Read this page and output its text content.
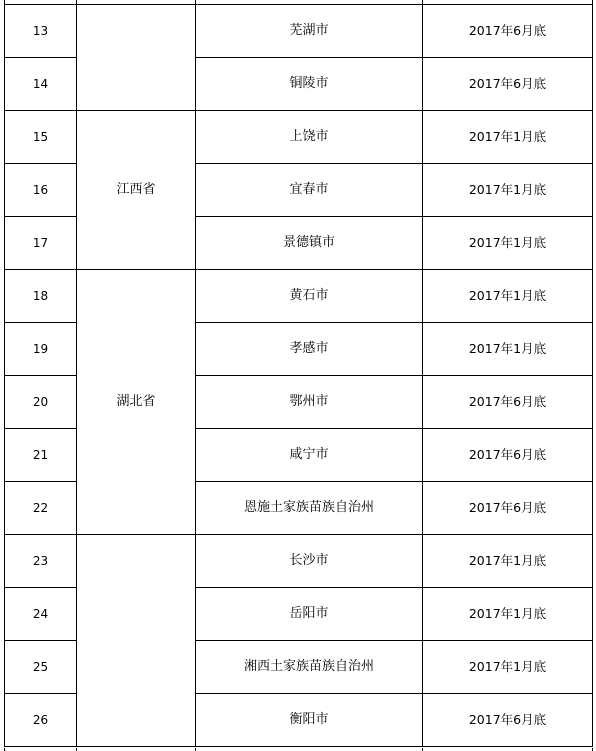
13		芜湖市	2017年6月底
14		铜陵市	2017年6月底
15	江西省	上饶市	2017年1月底
16		宜春市	2017年1月底
17		景德镇市	2017年1月底
18	湖北省	黄石市	2017年1月底
19		孝感市	2017年1月底
20		鄂州市	2017年6月底
21		咸宁市	2017年6月底
22		恩施土家族苗族自治州	2017年6月底
23		长沙市	2017年1月底
24		岳阳市	2017年1月底
25		湘西土家族苗族自治州	2017年1月底
26		衡阳市	2017年6月底
